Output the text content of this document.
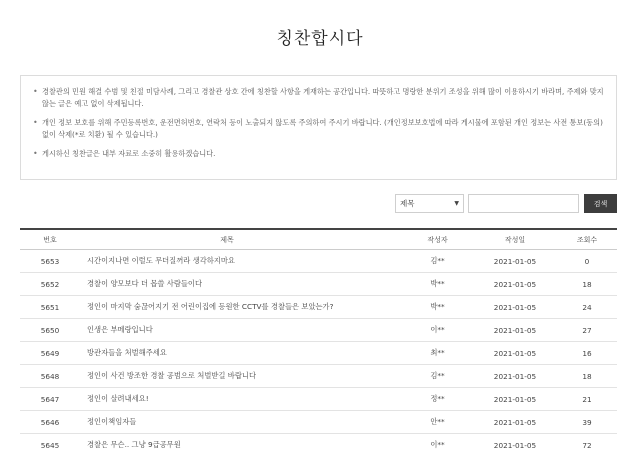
칭찬합시다
• 경찰관의 민원 해결 수범 및 친절 미담사례, 그리고 경찰관 상호 간에 칭찬할 사항을 게재하는 공간입니다. 따뜻하고 명랑한 분위기 조성을 위해 많이 이용하시기 바라며, 주제와 맞지 않는 글은 예고 없이 삭제됩니다.
• 개인 정보 보호를 위해 주민등록번호, 운전면허번호, 연락처 등이 노출되지 않도록 주의하여 주시기 바랍니다. (개인정보보호법에 따라 게시물에 포함된 개인 정보는 사전 통보(동의) 없이 삭제(*로 치환) 될 수 있습니다.)
• 게시하신 칭찬글은 내부 자료로 소중히 활용하겠습니다.
제목	▼	검색
번호	제목	작성자	작성일	조회수
5653	시간이지나면 이럴도 무더질꺼라 생각하지마요	김**	2021-01-05	0
5652	경찰이 양모보다 더 몹쓸 사람들이다	박**	2021-01-05	18
5651	정인이 마지막 숨끊어지기 전 어린이집에 등원한 CCTV를 경찰들은 보았는가?	박**	2021-01-05	24
5650	인생은 부메랑입니다	이**	2021-01-05	27
5649	방관자들을 처벌해주세요	최**	2021-01-05	16
5648	정인이 사건 방조한 경찰 공범으로 처벌받길 바랍니다	김**	2021-01-05	18
5647	정인이 살려내세요!	정**	2021-01-05	21
5646	정인이책임자들	안**	2021-01-05	39
5645	경찰은 무슨.. 그냥 9급공무원	이**	2021-01-05	72
